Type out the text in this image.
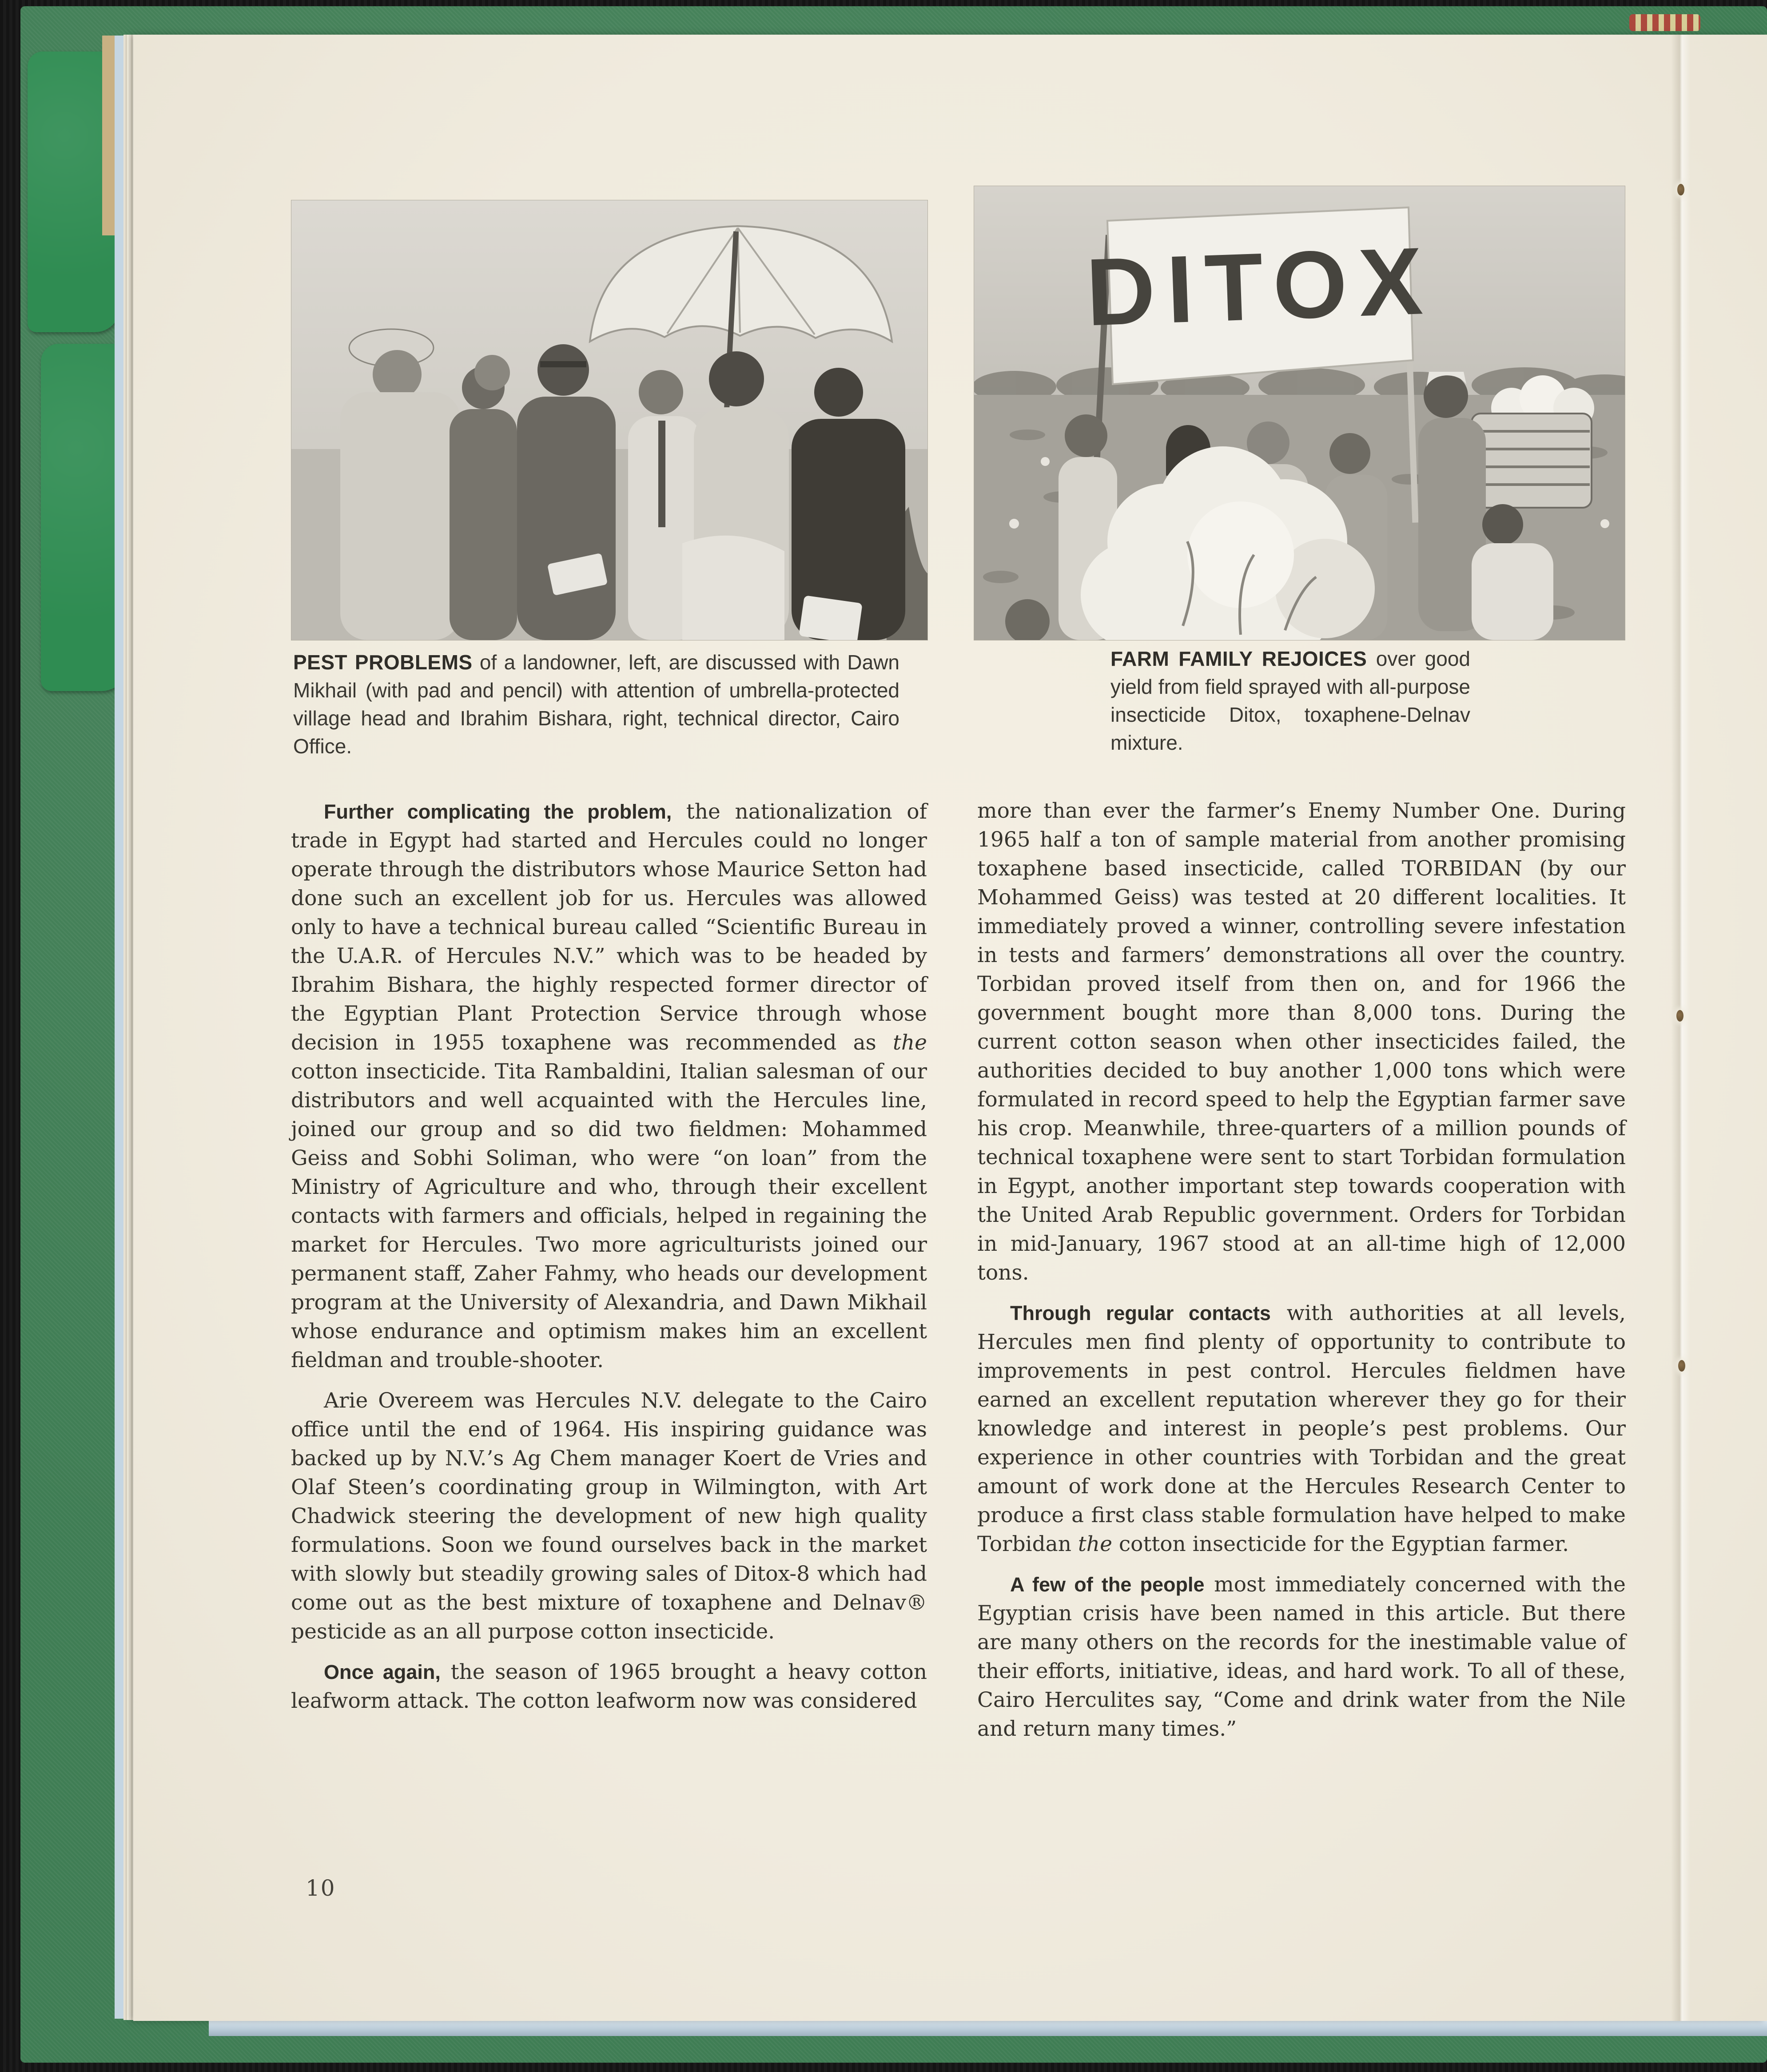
DITOX
PEST PROBLEMS of a landowner, left, are discussed with Dawn Mikhail (with pad and pencil) with attention of umbrella-protected village head and Ibrahim Bishara, right, technical director, Cairo Office.
FARM FAMILY REJOICES over good yield from field sprayed with all-purpose insecticide Ditox, toxaphene-Delnav mixture.

Further complicating the problem, the nationalization of trade in Egypt had started and Hercules could no longer operate through the distributors whose Maurice Setton had done such an excellent job for us. Hercules was allowed only to have a technical bureau called “Scientific Bureau in the U.A.R. of Hercules N.V.” which was to be headed by Ibrahim Bishara, the highly respected former director of the Egyptian Plant Protection Service through whose decision in 1955 toxaphene was recommended as the cotton insecticide. Tita Rambaldini, Italian salesman of our distributors and well acquainted with the Hercules line, joined our group and so did two fieldmen: Mohammed Geiss and Sobhi Soliman, who were “on loan” from the Ministry of Agriculture and who, through their excellent contacts with farmers and officials, helped in regaining the market for Hercules. Two more agriculturists joined our permanent staff, Zaher Fahmy, who heads our development program at the University of Alexandria, and Dawn Mikhail whose endurance and optimism makes him an excellent fieldman and trouble-shooter.

Arie Overeem was Hercules N.V. delegate to the Cairo office until the end of 1964. His inspiring guidance was backed up by N.V.’s Ag Chem manager Koert de Vries and Olaf Steen’s coordinating group in Wilmington, with Art Chadwick steering the development of new high quality formulations. Soon we found ourselves back in the market with slowly but steadily growing sales of Ditox-8 which had come out as the best mixture of toxaphene and Delnav® pesticide as an all purpose cotton insecticide.

Once again, the season of 1965 brought a heavy cotton leafworm attack. The cotton leafworm now was considered

more than ever the farmer’s Enemy Number One. During 1965 half a ton of sample material from another promising toxaphene based insecticide, called TORBIDAN (by our Mohammed Geiss) was tested at 20 different localities. It immediately proved a winner, controlling severe infestation in tests and farmers’ demonstrations all over the country. Torbidan proved itself from then on, and for 1966 the government bought more than 8,000 tons. During the current cotton season when other insecticides failed, the authorities decided to buy another 1,000 tons which were formulated in record speed to help the Egyptian farmer save his crop. Meanwhile, three-quarters of a million pounds of technical toxaphene were sent to start Torbidan formulation in Egypt, another important step towards cooperation with the United Arab Republic government. Orders for Torbidan in mid-January, 1967 stood at an all-time high of 12,000 tons.

Through regular contacts with authorities at all levels, Hercules men find plenty of opportunity to contribute to improvements in pest control. Hercules fieldmen have earned an excellent reputation wherever they go for their knowledge and interest in people’s pest problems. Our experience in other countries with Torbidan and the great amount of work done at the Hercules Research Center to produce a first class stable formulation have helped to make Torbidan the cotton insecticide for the Egyptian farmer.

A few of the people most immediately concerned with the Egyptian crisis have been named in this article. But there are many others on the records for the inestimable value of their efforts, initiative, ideas, and hard work. To all of these, Cairo Herculites say, “Come and drink water from the Nile and return many times.”

10
